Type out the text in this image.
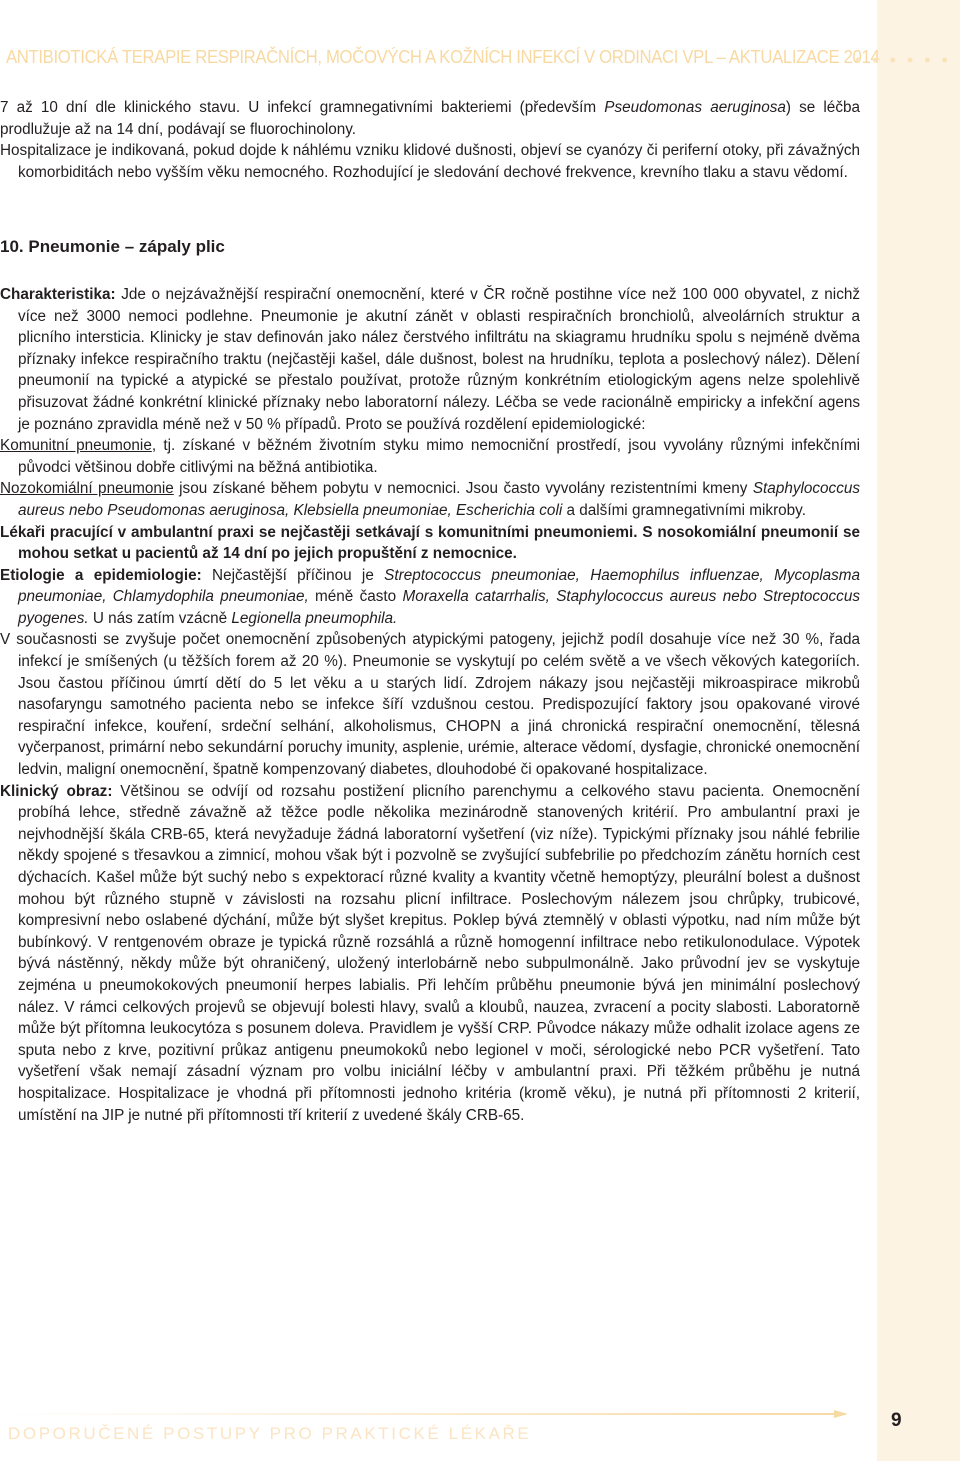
ANTIBIOTICKÁ TERAPIE RESPIRAČNÍCH, MOČOVÝCH A KOŽNÍCH INFEKCÍ V ORDINACI VPL – AKTUALIZACE 2014
• • • • • •
7 až 10 dní dle klinického stavu. U infekcí gramnegativními bakteriemi (především Pseudomonas aeruginosa) se léčba prodlužuje až na 14 dní, podávají se fluorochinolony.
Hospitalizace je indikovaná, pokud dojde k náhlému vzniku klidové dušnosti, objeví se cyanózy či periferní otoky, při závažných komorbiditách nebo vyšším věku nemocného. Rozhodující je sledování dechové frekvence, krevního tlaku a stavu vědomí.
10. Pneumonie – zápaly plic
Charakteristika: Jde o nejzávažnější respirační onemocnění, které v ČR ročně postihne více než 100 000 obyvatel, z nichž více než 3000 nemoci podlehne. Pneumonie je akutní zánět v oblasti respiračních bronchiolů, alveolárních struktur a plicního intersticia. Klinicky je stav definován jako nález čerstvého infiltrátu na skiagramu hrudníku spolu s nejméně dvěma příznaky infekce respiračního traktu (nejčastěji kašel, dále dušnost, bolest na hrudníku, teplota a poslechový nález). Dělení pneumonií na typické a atypické se přestalo používat, protože různým konkrétním etiologickým agens nelze spolehlivě přisuzovat žádné konkrétní klinické příznaky nebo laboratorní nálezy. Léčba se vede racionálně empiricky a infekční agens je poznáno zpravidla méně než v 50 % případů. Proto se používá rozdělení epidemiologické:
Komunitní pneumonie, tj. získané v běžném životním styku mimo nemocniční prostředí, jsou vyvolány různými infekčními původci většinou dobře citlivými na běžná antibiotika.
Nozokomiální pneumonie jsou získané během pobytu v nemocnici. Jsou často vyvolány rezistentními kmeny Staphylococcus aureus nebo Pseudomonas aeruginosa, Klebsiella pneumoniae, Escherichia coli a dalšími gramnegativními mikroby.
Lékaři pracující v ambulantní praxi se nejčastěji setkávají s komunitními pneumoniemi. S nosokomiální pneumonií se mohou setkat u pacientů až 14 dní po jejich propuštění z nemocnice.
Etiologie a epidemiologie: Nejčastější příčinou je Streptococcus pneumoniae, Haemophilus influenzae, Mycoplasma pneumoniae, Chlamydophila pneumoniae, méně často Moraxella catarrhalis, Staphylococcus aureus nebo Streptococcus pyogenes. U nás zatím vzácně Legionella pneumophila.
V současnosti se zvyšuje počet onemocnění způsobených atypickými patogeny, jejichž podíl dosahuje více než 30 %, řada infekcí je smíšených (u těžších forem až 20 %). Pneumonie se vyskytují po celém světě a ve všech věkových kategoriích. Jsou častou příčinou úmrtí dětí do 5 let věku a u starých lidí. Zdrojem nákazy jsou nejčastěji mikroaspirace mikrobů nasofaryngu samotného pacienta nebo se infekce šíří vzdušnou cestou. Predispozující faktory jsou opakované virové respirační infekce, kouření, srdeční selhání, alkoholismus, CHOPN a jiná chronická respirační onemocnění, tělesná vyčerpanost, primární nebo sekundární poruchy imunity, asplenie, urémie, alterace vědomí, dysfagie, chronické onemocnění ledvin, maligní onemocnění, špatně kompenzovaný diabetes, dlouhodobé či opakované hospitalizace.
Klinický obraz: Většinou se odvíjí od rozsahu postižení plicního parenchymu a celkového stavu pacienta. Onemocnění probíhá lehce, středně závažně až těžce podle několika mezinárodně stanovených kritérií. Pro ambulantní praxi je nejvhodnější škála CRB-65, která nevyžaduje žádná laboratorní vyšetření (viz níže). Typickými příznaky jsou náhlé febrilie někdy spojené s třesavkou a zimnicí, mohou však být i pozvolně se zvyšující subfebrilie po předchozím zánětu horních cest dýchacích. Kašel může být suchý nebo s expektorací různé kvality a kvantity včetně hemoptýzy, pleurální bolest a dušnost mohou být různého stupně v závislosti na rozsahu plicní infiltrace. Poslechovým nálezem jsou chrůpky, trubicové, kompresivní nebo oslabené dýchání, může být slyšet krepitus. Poklep bývá ztemnělý v oblasti výpotku, nad ním může být bubínkový. V rentgenovém obraze je typická různě rozsáhlá a různě homogenní infiltrace nebo retikulonodulace. Výpotek bývá nástěnný, někdy může být ohraničený, uložený interlobárně nebo subpulmonálně. Jako průvodní jev se vyskytuje zejména u pneumokokových pneumonií herpes labialis. Při lehčím průběhu pneumonie bývá jen minimální poslechový nález. V rámci celkových projevů se objevují bolesti hlavy, svalů a kloubů, nauzea, zvracení a pocity slabosti. Laboratorně může být přítomna leukocytóza s posunem doleva. Pravidlem je vyšší CRP. Původce nákazy může odhalit izolace agens ze sputa nebo z krve, pozitivní průkaz antigenu pneumokoků nebo legionel v moči, sérologické nebo PCR vyšetření. Tato vyšetření však nemají zásadní význam pro volbu iniciální léčby v ambulantní praxi. Při těžkém průběhu je nutná hospitalizace. Hospitalizace je vhodná při přítomnosti jednoho kritéria (kromě věku), je nutná při přítomnosti 2 kriterií, umístění na JIP je nutné při přítomnosti tří kriterií z uvedené škály CRB-65.
DOPORUČENÉ POSTUPY PRO PRAKTICKÉ LÉKAŘE
9
